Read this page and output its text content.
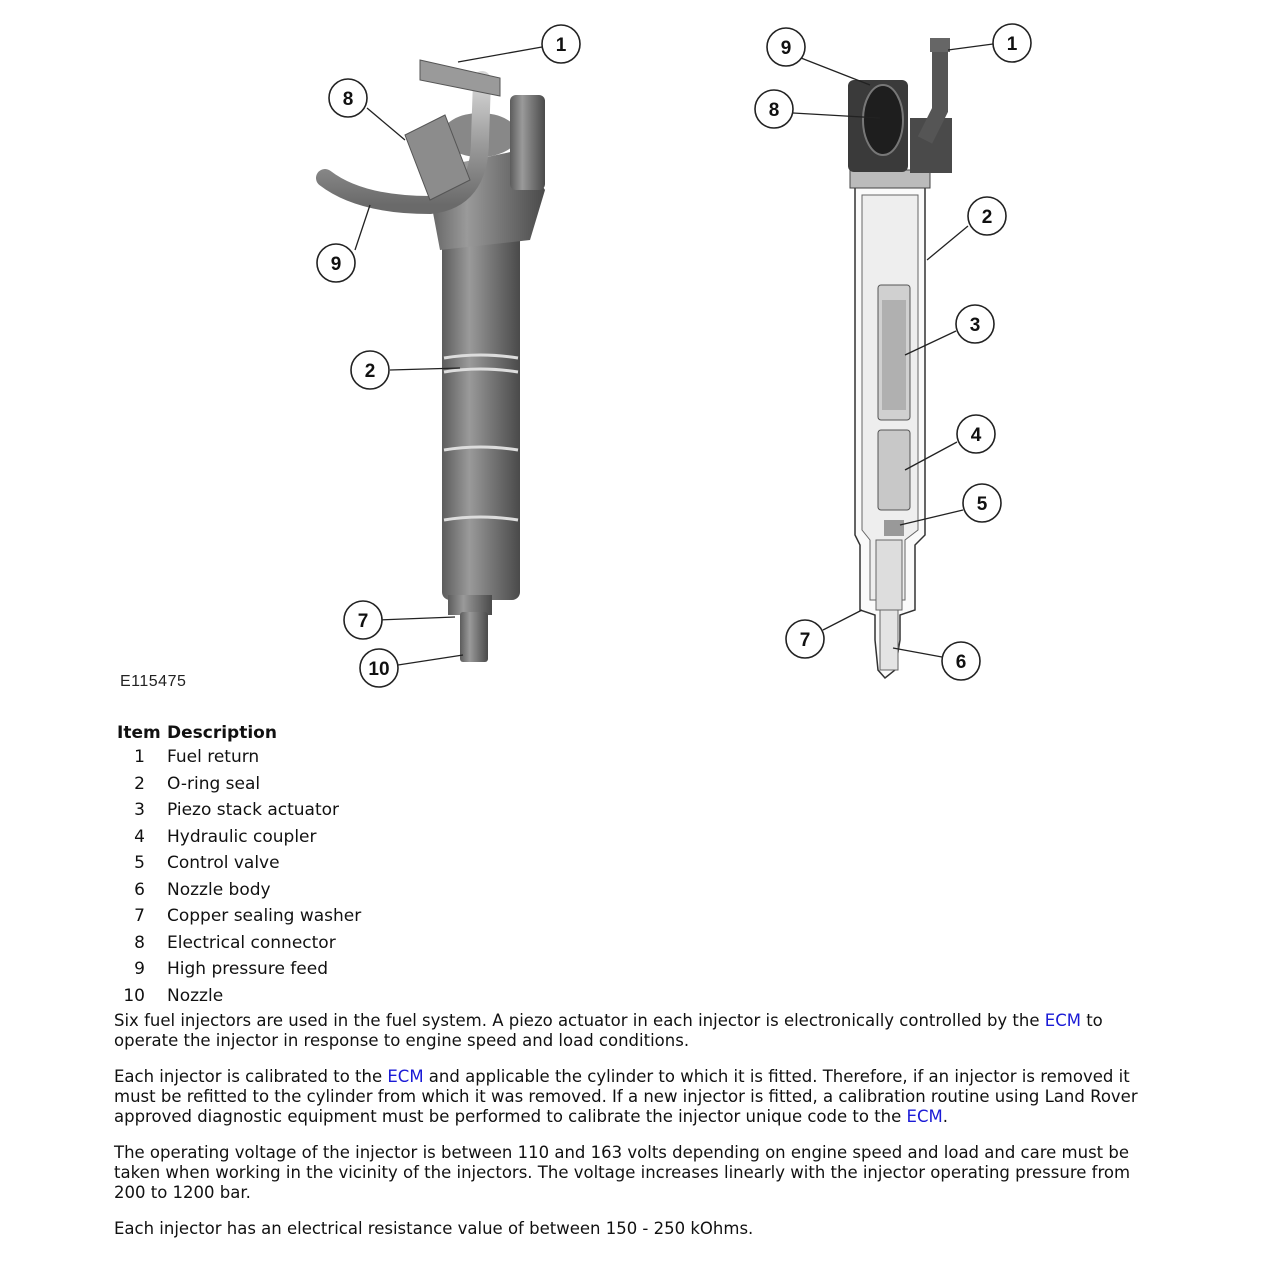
1
8
9
2
7
10
9	1
8
2
3
4
5
7
6
E115475
Item	Description
1	Fuel return
2	O-ring seal
3	Piezo stack actuator
4	Hydraulic coupler
5	Control valve
6	Nozzle body
7	Copper sealing washer
8	Electrical connector
9	High pressure feed
10	Nozzle

Six fuel injectors are used in the fuel system. A piezo actuator in each injector is electronically controlled by the ECM to operate the injector in response to engine speed and load conditions.

Each injector is calibrated to the ECM and applicable the cylinder to which it is fitted. Therefore, if an injector is removed it must be refitted to the cylinder from which it was removed. If a new injector is fitted, a calibration routine using Land Rover approved diagnostic equipment must be performed to calibrate the injector unique code to the ECM.

The operating voltage of the injector is between 110 and 163 volts depending on engine speed and load and care must be taken when working in the vicinity of the injectors. The voltage increases linearly with the injector operating pressure from 200 to 1200 bar.

Each injector has an electrical resistance value of between 150 - 250 kOhms.
